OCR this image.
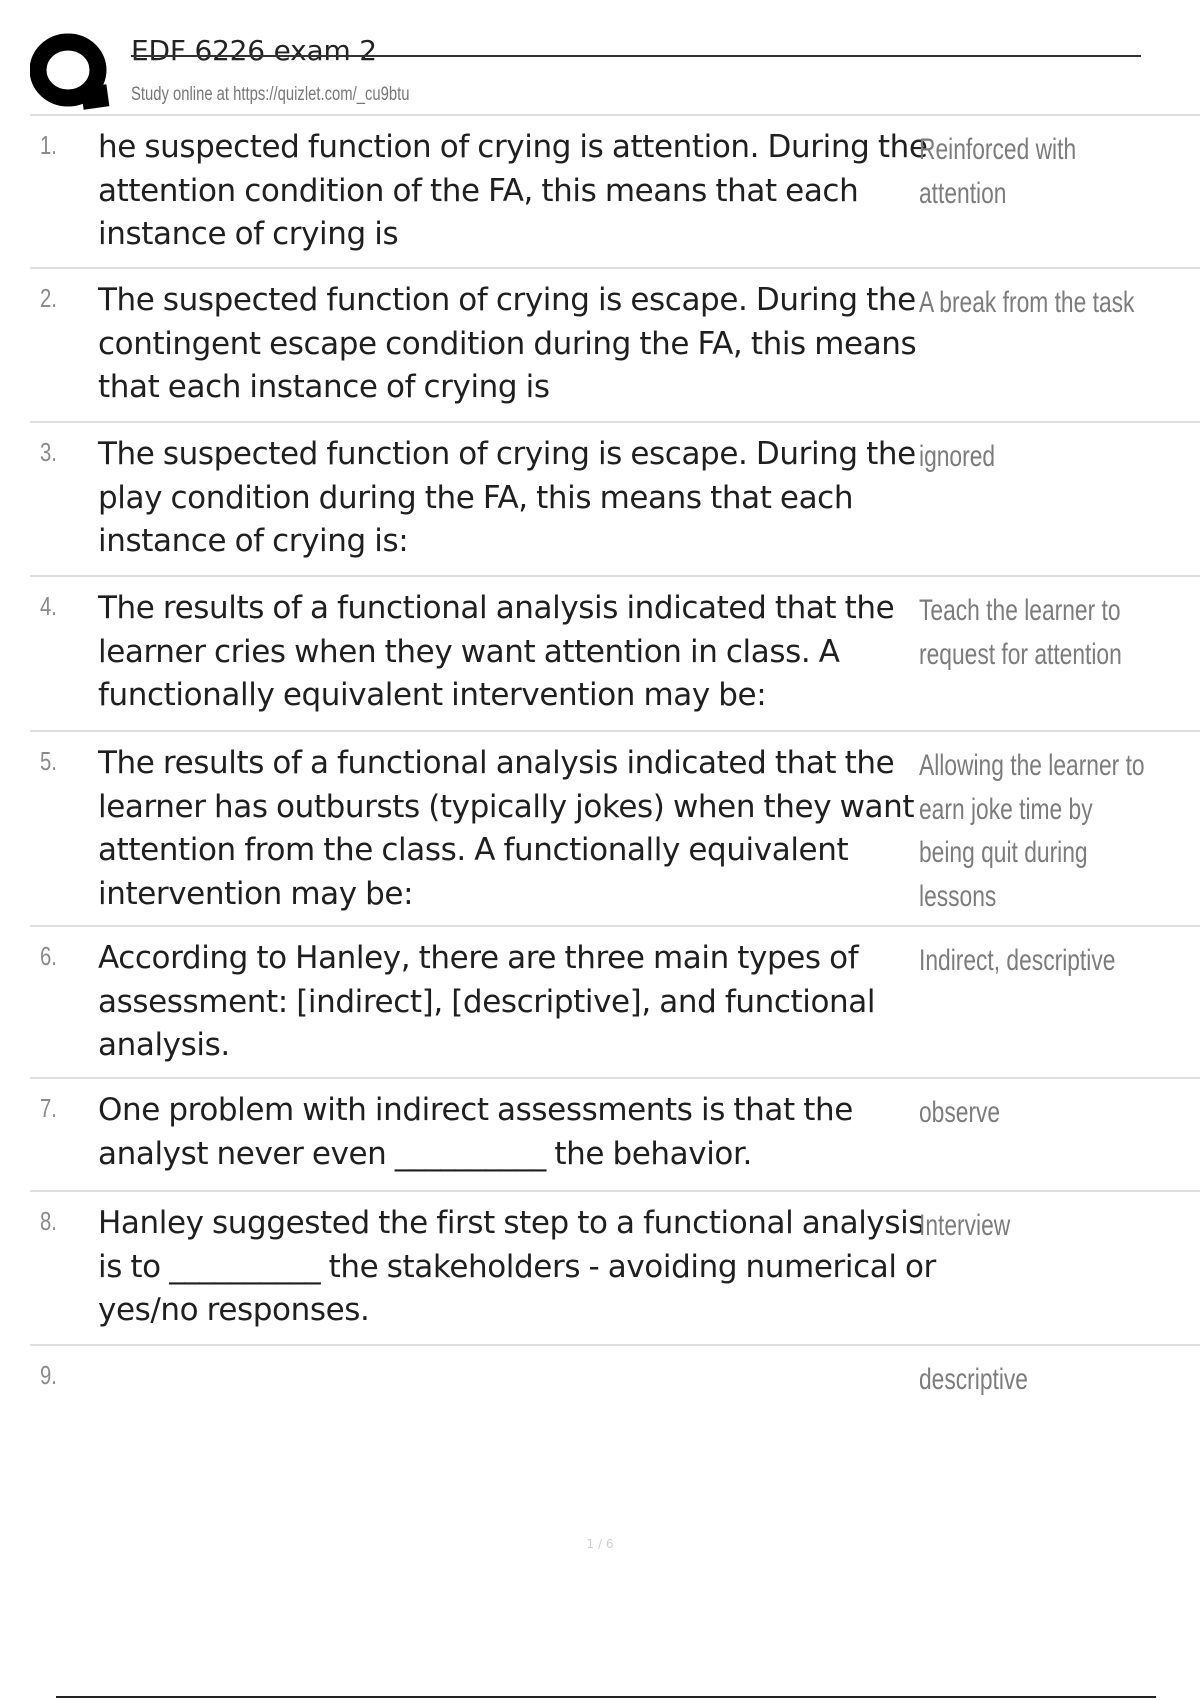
EDF 6226 exam 2
Study online at https://quizlet.com/_cu9btu
1. he suspected function of crying is attention. During the attention condition of the FA, this means that each instance of crying is
Reinforced with attention
2. The suspected function of crying is escape. During the contingent escape condition during the FA, this means that each instance of crying is
A break from the task
3. The suspected function of crying is escape. During the play condition during the FA, this means that each instance of crying is:
ignored
4. The results of a functional analysis indicated that the learner cries when they want attention in class. A functionally equivalent intervention may be:
Teach the learner to request for attention
5. The results of a functional analysis indicated that the learner has outbursts (typically jokes) when they want attention from the class. A functionally equivalent intervention may be:
Allowing the learner to earn joke time by being quit during lessons
6. According to Hanley, there are three main types of assessment: [indirect], [descriptive], and functional analysis.
Indirect, descriptive
7. One problem with indirect assessments is that the analyst never even __________ the behavior.
observe
8. Hanley suggested the first step to a functional analysis is to __________ the stakeholders - avoiding numerical or yes/no responses.
Interview
9.	descriptive
1 / 6
